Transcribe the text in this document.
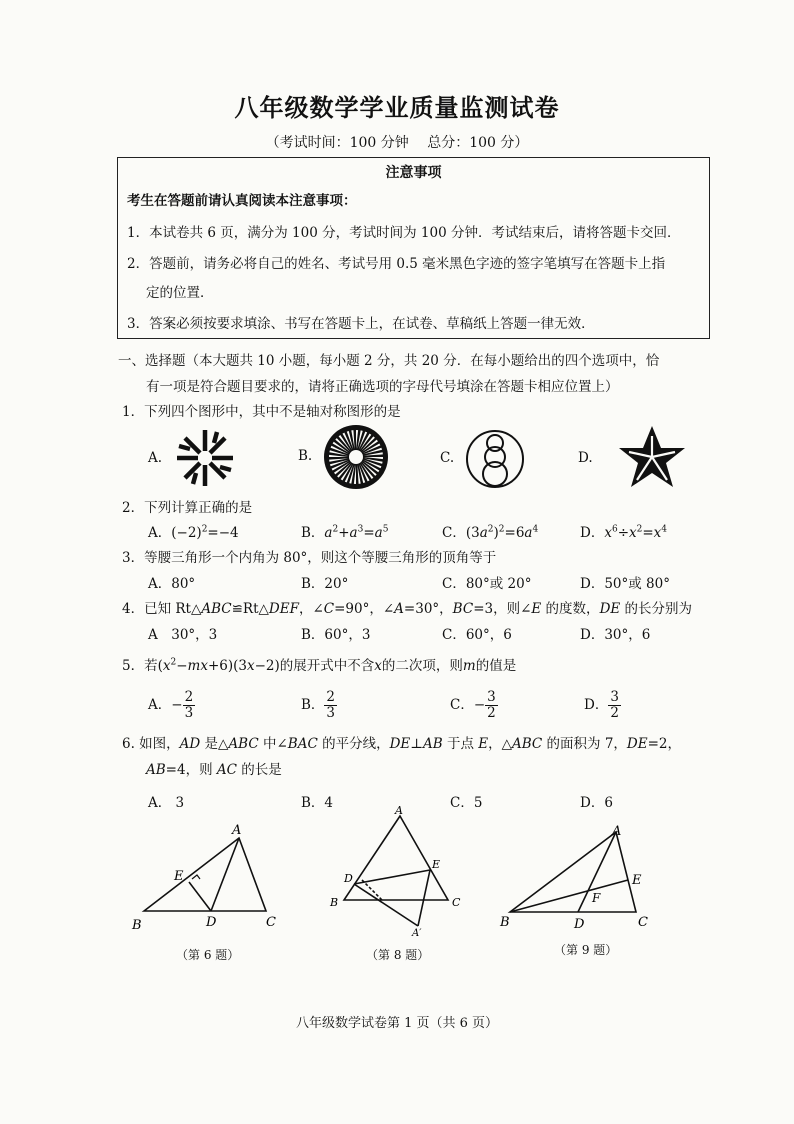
八年级数学学业质量监测试卷
（考试时间：100 分钟　 总分：100 分）
注意事项
考生在答题前请认真阅读本注意事项：
1．本试卷共 6 页，满分为 100 分，考试时间为 100 分钟．考试结束后，请将答题卡交回．
2．答题前，请务必将自己的姓名、考试号用 0.5 毫米黑色字迹的签字笔填写在答题卡上指
定的位置．
3．答案必须按要求填涂、书写在答题卡上，在试卷、草稿纸上答题一律无效．
一、选择题（本大题共 10 小题，每小题 2 分，共 20 分．在每小题给出的四个选项中，恰
有一项是符合题目要求的，请将正确选项的字母代号填涂在答题卡相应位置上）
1．下列四个图形中，其中不是轴对称图形的是
A.	B.	C.	D.
2．下列计算正确的是
A．$(-2)^2=-4$	B．$a^2+a^3=a^5$	C．$(3a^2)^2=6a^4$	D．$x^6\div x^2=x^4$
3．等腰三角形一个内角为 80°，则这个等腰三角形的顶角等于
A．80°	B．20°	C．80°或 20°	D．50°或 80°
4．已知 Rt△ABC≌Rt△DEF，∠C=90°，∠A=30°，BC=3，则∠E 的度数，DE 的长分别为
A　30°，3	B．60°，3	C．60°，6	D．30°，6
5．若$(x^2-mx+6)(3x-2)$的展开式中不含x的二次项，则m的值是
A．− $\frac{2}{3}$	B． $\frac{2}{3}$	C．− $\frac{3}{2}$	D． $\frac{3}{2}$
6. 如图，AD 是△ABC 中∠BAC 的平分线，DE⊥AB 于点 E，△ABC 的面积为 7，DE=2，
AB=4，则 AC 的长是
A． 3	B．4	C．5	D．6
A
E
B	D	C
（第 6 题）
A
D
E
B	C
A′
（第 8 题）
A
E
F
B	D	C
（第 9 题）
八年级数学试卷第 1 页（共 6 页）
